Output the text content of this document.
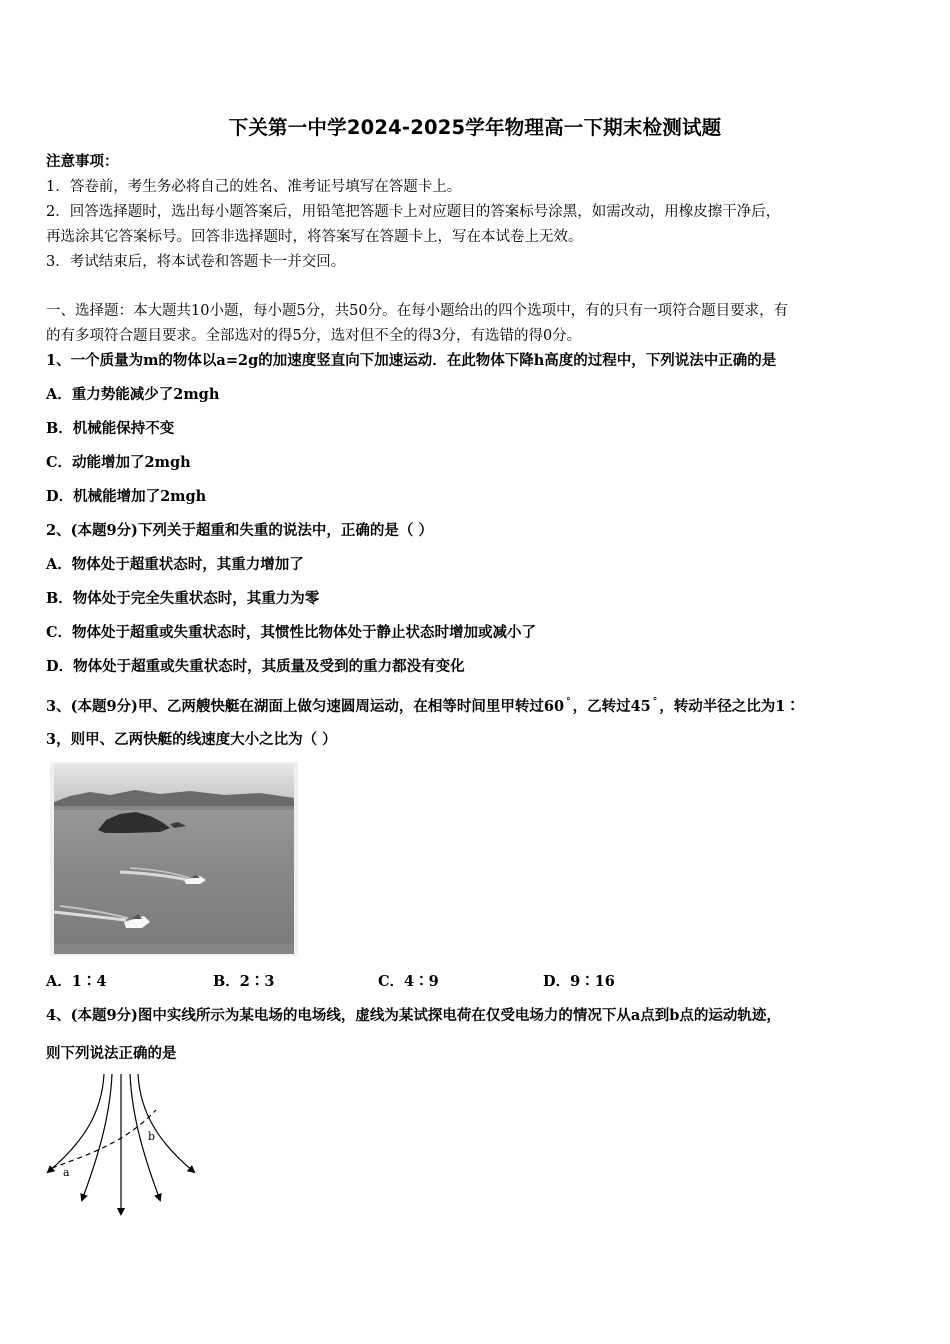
下关第一中学2024-2025学年物理高一下期末检测试题
注意事项：
1．答卷前，考生务必将自己的姓名、准考证号填写在答题卡上。
2．回答选择题时，选出每小题答案后，用铅笔把答题卡上对应题目的答案标号涂黑，如需改动，用橡皮擦干净后，
再选涂其它答案标号。回答非选择题时，将答案写在答题卡上，写在本试卷上无效。
3．考试结束后，将本试卷和答题卡一并交回。
一、选择题：本大题共10小题，每小题5分，共50分。在每小题给出的四个选项中，有的只有一项符合题目要求，有
的有多项符合题目要求。全部选对的得5分，选对但不全的得3分，有选错的得0分。
1、一个质量为m的物体以a=2g的加速度竖直向下加速运动．在此物体下降h高度的过程中，下列说法中正确的是
A．重力势能减少了2mgh
B．机械能保持不变
C．动能增加了2mgh
D．机械能增加了2mgh
2、(本题9分)下列关于超重和失重的说法中，正确的是（ ）
A．物体处于超重状态时，其重力增加了
B．物体处于完全失重状态时，其重力为零
C．物体处于超重或失重状态时，其惯性比物体处于静止状态时增加或减小了
D．物体处于超重或失重状态时，其质量及受到的重力都没有变化
3、(本题9分)甲、乙两艘快艇在湖面上做匀速圆周运动，在相等时间里甲转过60 ° ，乙转过45 ° ，转动半径之比为1∶
3，则甲、乙两快艇的线速度大小之比为（ ）
A．1∶4	B．2∶3	C．4∶9	D．9∶16
4、(本题9分)图中实线所示为某电场的电场线，虚线为某试探电荷在仅受电场力的情况下从a点到b点的运动轨迹，
则下列说法正确的是
a
b
